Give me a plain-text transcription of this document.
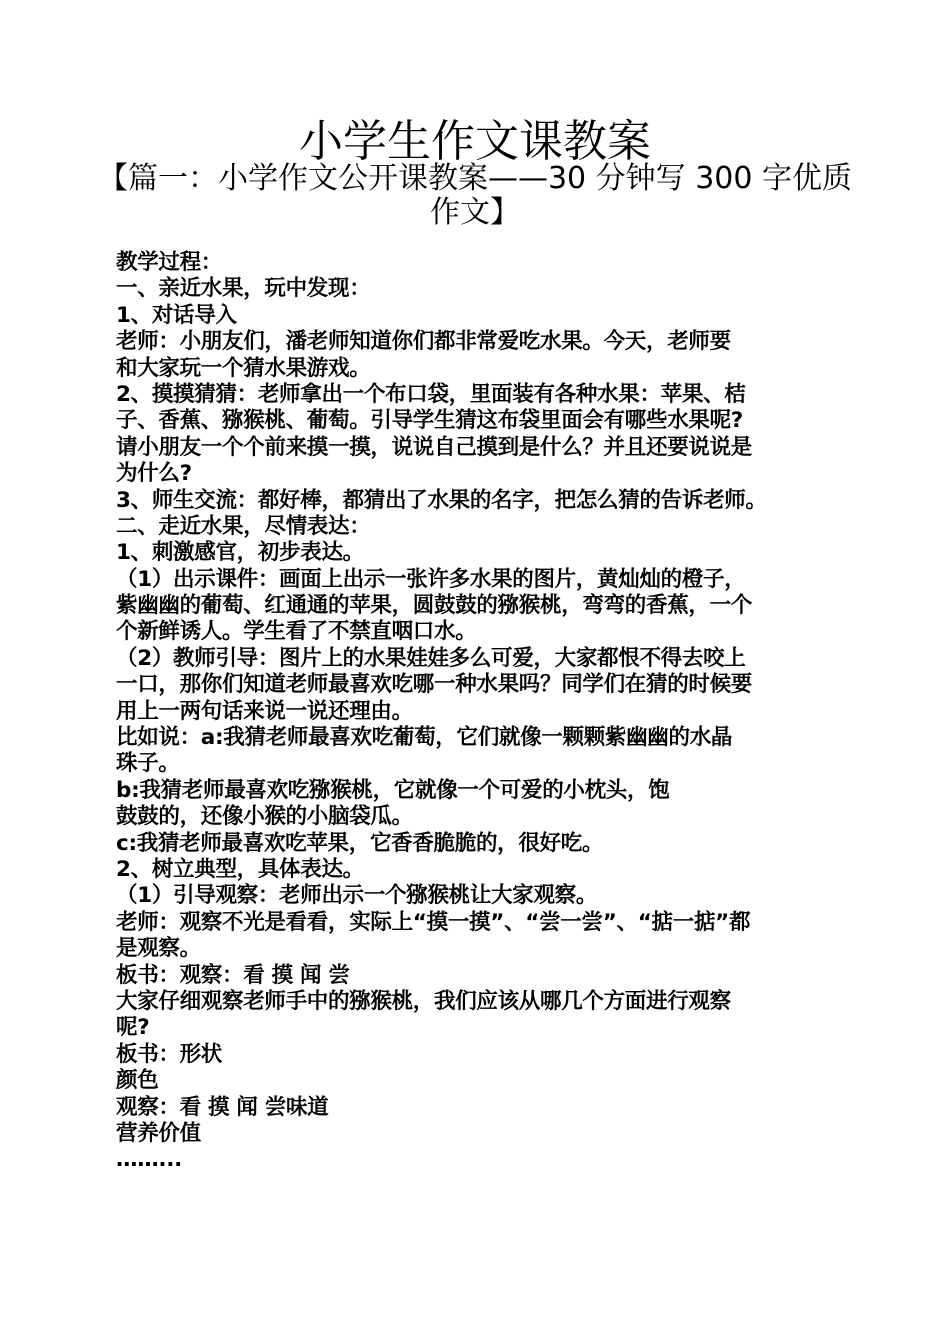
小学生作文课教案
【篇一：小学作文公开课教案——30 分钟写 300 字优质
作文】
教学过程：
一、亲近水果，玩中发现：
1、对话导入
老师：小朋友们，潘老师知道你们都非常爱吃水果。今天，老师要
和大家玩一个猜水果游戏。
2、摸摸猜猜：老师拿出一个布口袋，里面装有各种水果：苹果、桔
子、香蕉、猕猴桃、葡萄。引导学生猜这布袋里面会有哪些水果呢?
请小朋友一个个前来摸一摸，说说自己摸到是什么？并且还要说说是
为什么?
3、师生交流：都好棒，都猜出了水果的名字，把怎么猜的告诉老师。
二、走近水果，尽情表达：
1、刺激感官，初步表达。
（1）出示课件：画面上出示一张许多水果的图片，黄灿灿的橙子，
紫幽幽的葡萄、红通通的苹果，圆鼓鼓的猕猴桃，弯弯的香蕉，一个
个新鲜诱人。学生看了不禁直咽口水。
（2）教师引导：图片上的水果娃娃多么可爱，大家都恨不得去咬上
一口，那你们知道老师最喜欢吃哪一种水果吗？同学们在猜的时候要
用上一两句话来说一说还理由。
比如说：a:我猜老师最喜欢吃葡萄，它们就像一颗颗紫幽幽的水晶
珠子。
b:我猜老师最喜欢吃猕猴桃，它就像一个可爱的小枕头，饱
鼓鼓的，还像小猴的小脑袋瓜。
c:我猜老师最喜欢吃苹果，它香香脆脆的，很好吃。
2、树立典型，具体表达。
（1）引导观察：老师出示一个猕猴桃让大家观察。
老师：观察不光是看看，实际上“摸一摸”、“尝一尝”、“掂一掂”都
是观察。
板书：观察：看 摸 闻 尝
大家仔细观察老师手中的猕猴桃，我们应该从哪几个方面进行观察
呢?
板书：形状
颜色
观察：看 摸 闻 尝味道
营养价值
……...
